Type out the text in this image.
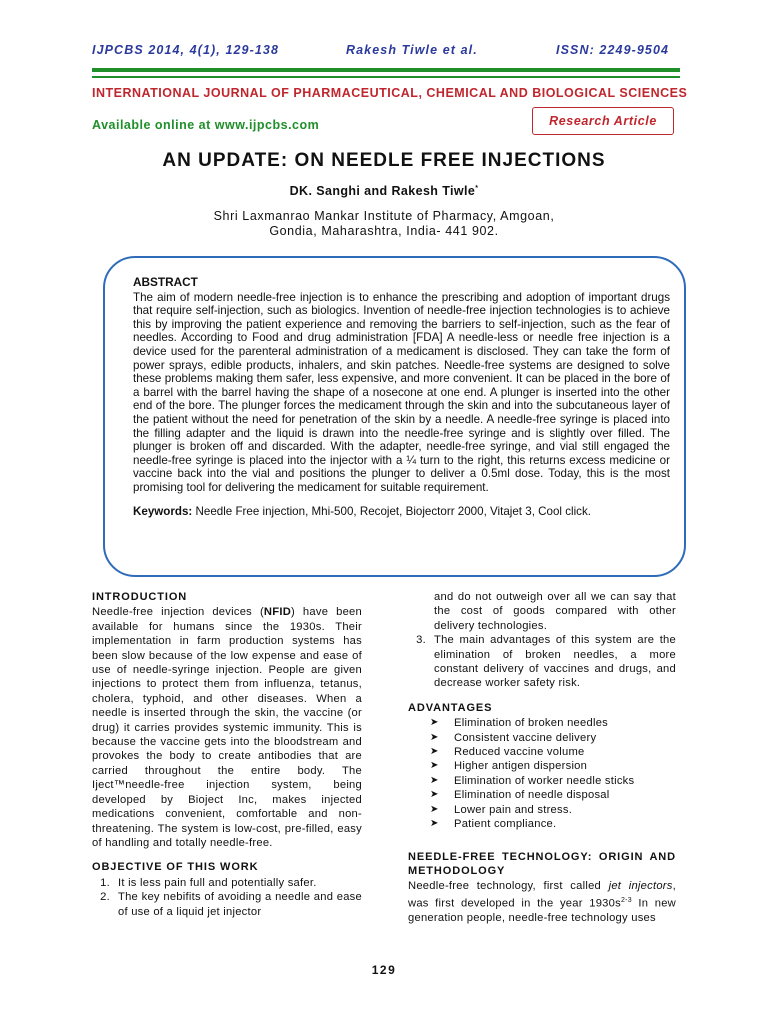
IJPCBS 2014, 4(1), 129-138	Rakesh Tiwle et al.	ISSN: 2249-9504
INTERNATIONAL JOURNAL OF PHARMACEUTICAL, CHEMICAL AND BIOLOGICAL SCIENCES
Available online at www.ijpcbs.com	Research Article
AN UPDATE: ON NEEDLE FREE INJECTIONS
DK. Sanghi and Rakesh Tiwle*
Shri Laxmanrao Mankar Institute of Pharmacy, Amgoan,
Gondia, Maharashtra, India- 441 902.
ABSTRACT

The aim of modern needle-free injection is to enhance the prescribing and adoption of important drugs that require self-injection, such as biologics. Invention of needle-free injection technologies is to achieve this by improving the patient experience and removing the barriers to self-injection, such as the fear of needles. According to Food and drug administration [FDA] A needle-less or needle free injection is a device used for the parenteral administration of a medicament is disclosed. They can take the form of power sprays, edible products, inhalers, and skin patches. Needle-free systems are designed to solve these problems making them safer, less expensive, and more convenient. It can be placed in the bore of a barrel with the barrel having the shape of a nosecone at one end. A plunger is inserted into the other end of the bore. The plunger forces the medicament through the skin and into the subcutaneous layer of the patient without the need for penetration of the skin by a needle. A needle-free syringe is placed into the filling adapter and the liquid is drawn into the needle-free syringe and is slightly over filled. The plunger is broken off and discarded. With the adapter, needle-free syringe, and vial still engaged the needle-free syringe is placed into the injector with a ¼ turn to the right, this returns excess medicine or vaccine back into the vial and positions the plunger to deliver a 0.5ml dose. Today, this is the most promising tool for delivering the medicament for suitable requirement.

Keywords: Needle Free injection, Mhi-500, Recojet, Biojectorr 2000, Vitajet 3, Cool click.
INTRODUCTION

Needle-free injection devices (NFID) have been available for humans since the 1930s. Their implementation in farm production systems has been slow because of the low expense and ease of use of needle-syringe injection. People are given injections to protect them from influenza, tetanus, cholera, typhoid, and other diseases. When a needle is inserted through the skin, the vaccine (or drug) it carries provides systemic immunity. This is because the vaccine gets into the bloodstream and provokes the body to create antibodies that are carried throughout the entire body. The Iject™needle-free injection system, being developed by Bioject Inc, makes injected medications convenient, comfortable and non-threatening. The system is low-cost, pre-filled, easy of handling and totally needle-free.

OBJECTIVE OF THIS WORK
1. It is less pain full and potentially safer.
2. The key nebifits of avoiding a needle and ease of use of a liquid jet injector
and do not outweigh over all we can say that the cost of goods compared with other delivery technologies.
3. The main advantages of this system are the elimination of broken needles, a more constant delivery of vaccines and drugs, and decrease worker safety risk.
ADVANTAGES
➤	Elimination of broken needles
➤	Consistent vaccine delivery
➤	Reduced vaccine volume
➤	Higher antigen dispersion
➤	Elimination of worker needle sticks
➤	Elimination of needle disposal
➤	Lower pain and stress.
➤	Patient compliance.
NEEDLE-FREE TECHNOLOGY: ORIGIN AND METHODOLOGY

Needle-free technology, first called jet injectors, was first developed in the year $1930s^{2-3}$ In new generation people, needle-free technology uses

129
